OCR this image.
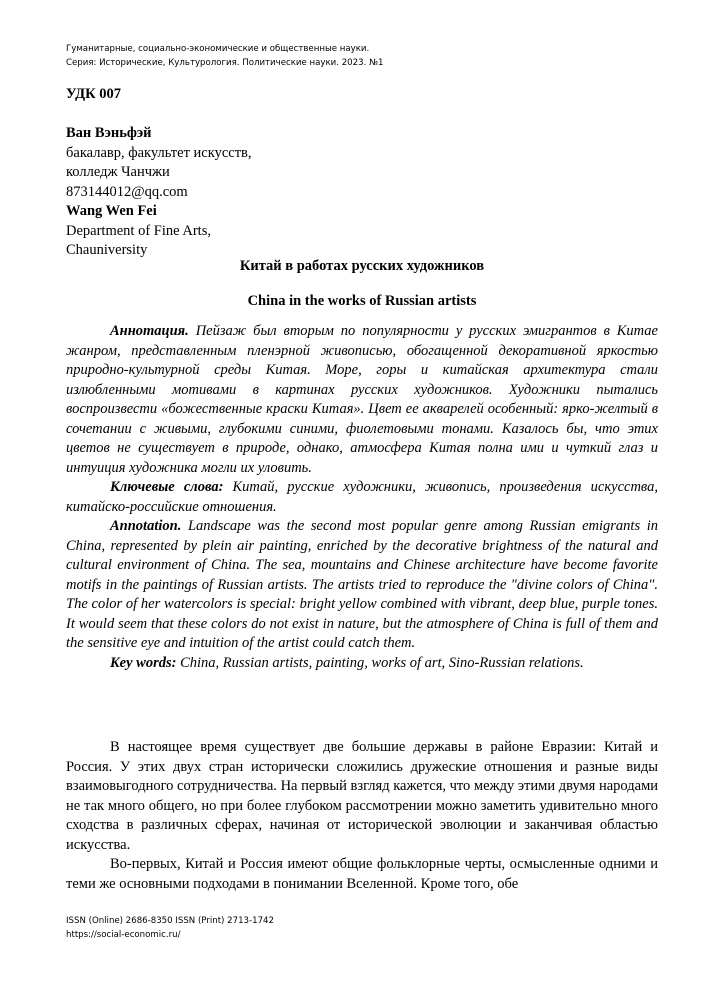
Гуманитарные, социально-экономические и общественные науки.
Серия: Исторические, Культурология. Политические науки. 2023. №1
УДК 007
Ван Вэньфэй
бакалавр, факультет искусств,
колледж Чанчжи
873144012@qq.com
Wang Wen Fei
Department of Fine Arts,
Chauniversity
Китай в работах русских художников
China in the works of Russian artists

Аннотация. Пейзаж был вторым по популярности у русских эмигрантов в Китае жанром, представленным пленэрной живописью, обогащенной декоративной яркостью природно-культурной среды Китая. Море, горы и китайская архитектура стали излюбленными мотивами в картинах русских художников. Художники пытались воспроизвести «божественные краски Китая». Цвет ее акварелей особенный: ярко-желтый в сочетании с живыми, глубокими синими, фиолетовыми тонами. Казалось бы, что этих цветов не существует в природе, однако, атмосфера Китая полна ими и чуткий глаз и интуиция художника могли их уловить.

Ключевые слова: Китай, русские художники, живопись, произведения искусства, китайско-российские отношения.

Annotation. Landscape was the second most popular genre among Russian emigrants in China, represented by plein air painting, enriched by the decorative brightness of the natural and cultural environment of China. The sea, mountains and Chinese architecture have become favorite motifs in the paintings of Russian artists. The artists tried to reproduce the "divine colors of China". The color of her watercolors is special: bright yellow combined with vibrant, deep blue, purple tones. It would seem that these colors do not exist in nature, but the atmosphere of China is full of them and the sensitive eye and intuition of the artist could catch them.

Key words: China, Russian artists, painting, works of art, Sino-Russian relations.

В настоящее время существует две большие державы в районе Евразии: Китай и Россия. У этих двух стран исторически сложились дружеские отношения и разные виды взаимовыгодного сотрудничества. На первый взгляд кажется, что между этими двумя народами не так много общего, но при более глубоком рассмотрении можно заметить удивительно много сходства в различных сферах, начиная от исторической эволюции и заканчивая областью искусства.

Во-первых, Китай и Россия имеют общие фольклорные черты, осмысленные одними и теми же основными подходами в понимании Вселенной. Кроме того, обе

ISSN (Online) 2686-8350 ISSN (Print) 2713-1742
https://social-economic.ru/
